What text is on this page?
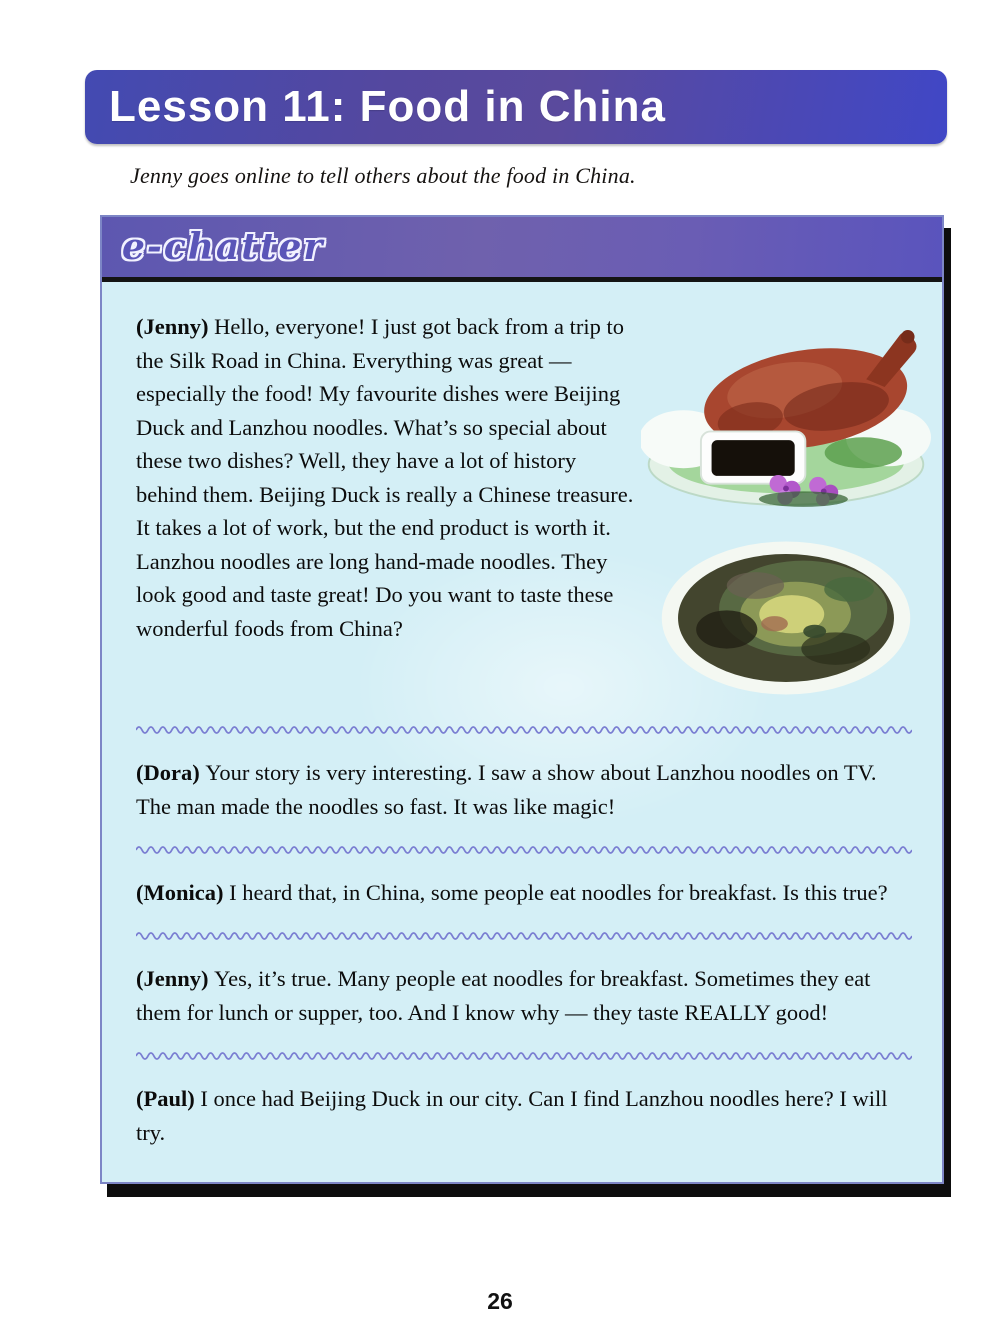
Lesson 11: Food in China
Jenny goes online to tell others about the food in China.
e-chatter
(Jenny) Hello, everyone! I just got back from a trip to the Silk Road in China. Everything was great — especially the food! My favourite dishes were Beijing Duck and Lanzhou noodles. What’s so special about these two dishes? Well, they have a lot of history behind them. Beijing Duck is really a Chinese treasure. It takes a lot of work, but the end product is worth it. Lanzhou noodles are long hand-made noodles. They look good and taste great! Do you want to taste these wonderful foods from China?
(Dora) Your story is very interesting. I saw a show about Lanzhou noodles on TV. The man made the noodles so fast. It was like magic!
(Monica) I heard that, in China, some people eat noodles for breakfast. Is this true?
(Jenny) Yes, it’s true. Many people eat noodles for breakfast. Sometimes they eat them for lunch or supper, too. And I know why — they taste REALLY good!
(Paul) I once had Beijing Duck in our city. Can I find Lanzhou noodles here? I will try.
26
